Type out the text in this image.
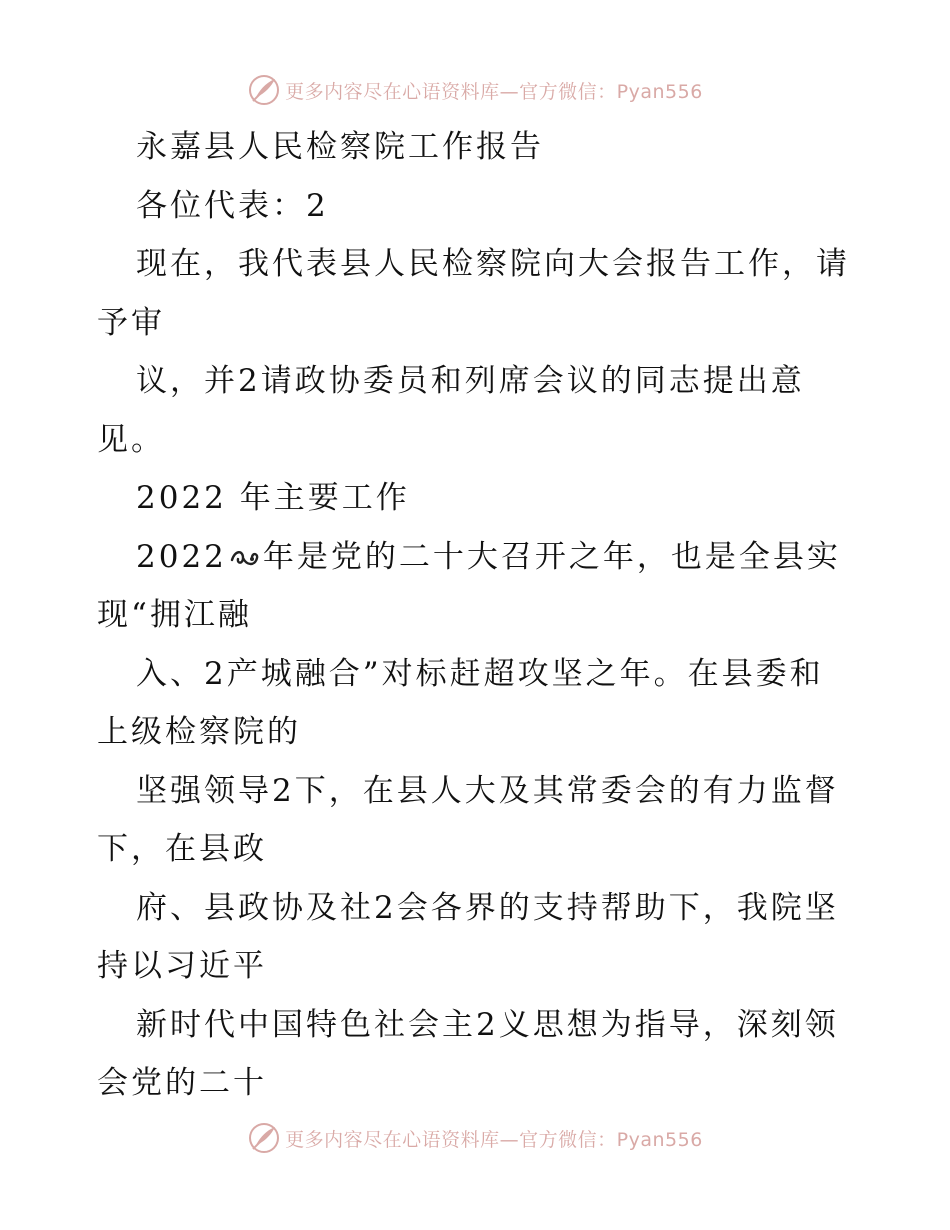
更多内容尽在心语资料库—官方微信：Pyan556
永嘉县人民检察院工作报告
各位代表：2
现在，我代表县人民检察院向大会报告工作，请
予审
议，并2请政协委员和列席会议的同志提出意
见。
2022 年主要工作
2022 年是党的二十大召开之年，也是全县实
现“拥江融
入、2产城融合”对标赶超攻坚之年。在县委和
上级检察院的
坚强领导2下，在县人大及其常委会的有力监督
下，在县政
府、县政协及社2会各界的支持帮助下，我院坚
持以习近平
新时代中国特色社会主2义思想为指导，深刻领
会党的二十
更多内容尽在心语资料库—官方微信：Pyan556
